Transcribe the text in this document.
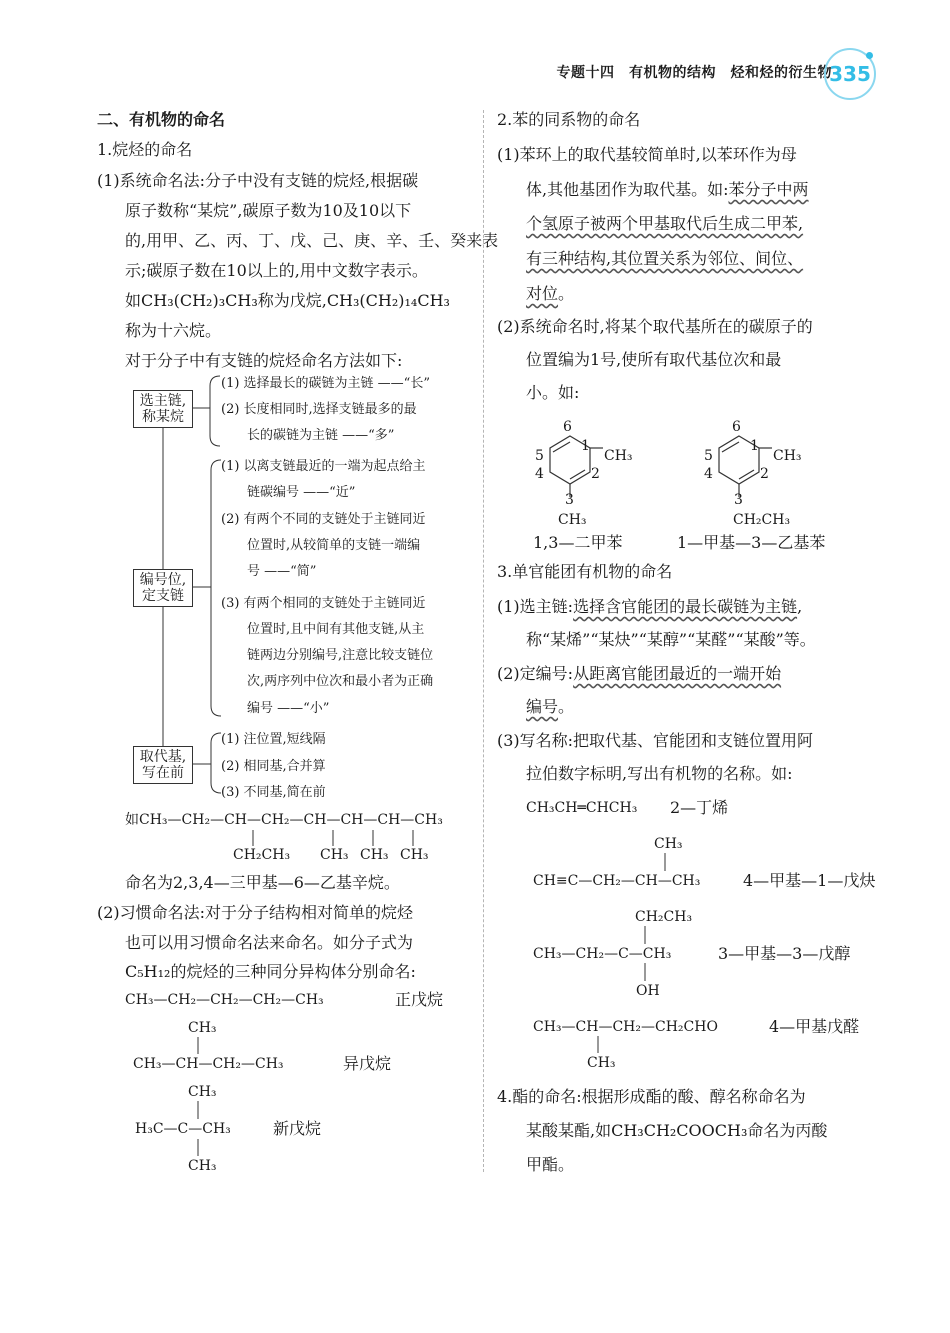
专题十四　有机物的结构　烃和烃的衍生物
335
二、有机物的命名
1.烷烃的命名
(1)系统命名法:分子中没有支链的烷烃,根据碳
原子数称“某烷”,碳原子数为10及10以下
的,用甲、乙、丙、丁、戊、己、庚、辛、壬、癸来表
示;碳原子数在10以上的,用中文数字表示。
如CH₃(CH₂)₃CH₃称为戊烷,CH₃(CH₂)₁₄CH₃
称为十六烷。
对于分子中有支链的烷烃命名方法如下:
选主链,
称某烷
(1) 选择最长的碳链为主链 ——“长”
(2) 长度相同时,选择支链最多的最
长的碳链为主链 ——“多”
编号位,
定支链
(1) 以离支链最近的一端为起点给主
链碳编号 ——“近”
(2) 有两个不同的支链处于主链同近
位置时,从较简单的支链一端编
号 ——“简”
(3) 有两个相同的支链处于主链同近
位置时,且中间有其他支链,从主
链两边分别编号,注意比较支链位
次,两序列中位次和最小者为正确
编号 ——“小”
取代基,
写在前
(1) 注位置,短线隔
(2) 相同基,合并算
(3) 不同基,简在前
如CH₃—CH₂—CH—CH₂—CH—CH—CH—CH₃
CH₂CH₃ CH₃ CH₃ CH₃
命名为2,3,4—三甲基—6—乙基辛烷。
(2)习惯命名法:对于分子结构相对简单的烷烃
也可以用习惯命名法来命名。如分子式为
C₅H₁₂的烷烃的三种同分异构体分别命名:
CH₃—CH₂—CH₂—CH₂—CH₃	正戊烷
CH₃
CH₃—CH—CH₂—CH₃	异戊烷
CH₃
H₃C—C—CH₃
CH₃
新戊烷
2.苯的同系物的命名
(1)苯环上的取代基较简单时,以苯环作为母
体,其他基团作为取代基。如:苯分子中两
个氢原子被两个甲基取代后生成二甲苯,
有三种结构,其位置关系为邻位、间位、
对位。
(2)系统命名时,将某个取代基所在的碳原子的
位置编为1号,使所有取代基位次和最
小。如:
6
1
5
4	2
3
CH₃
CH₃
1,3—二甲苯
6
1
5
4	2
3
CH₃
CH₂CH₃
1—甲基—3—乙基苯
3.单官能团有机物的命名
(1)选主链:选择含官能团的最长碳链为主链,
称“某烯”“某炔”“某醇”“某醛”“某酸”等。
(2)定编号:从距离官能团最近的一端开始
编号。
(3)写名称:把取代基、官能团和支链位置用阿
拉伯数字标明,写出有机物的名称。如:
CH₃CH═CHCH₃ 2—丁烯
CH₃
CH≡C—CH₂—CH—CH₃	4—甲基—1—戊炔
CH₂CH₃
CH₃—CH₂—C—CH₃
OH
3—甲基—3—戊醇
CH₃—CH—CH₂—CH₂CHO
CH₃
4—甲基戊醛
4.酯的命名:根据形成酯的酸、醇名称命名为
某酸某酯,如CH₃CH₂COOCH₃命名为丙酸
甲酯。
